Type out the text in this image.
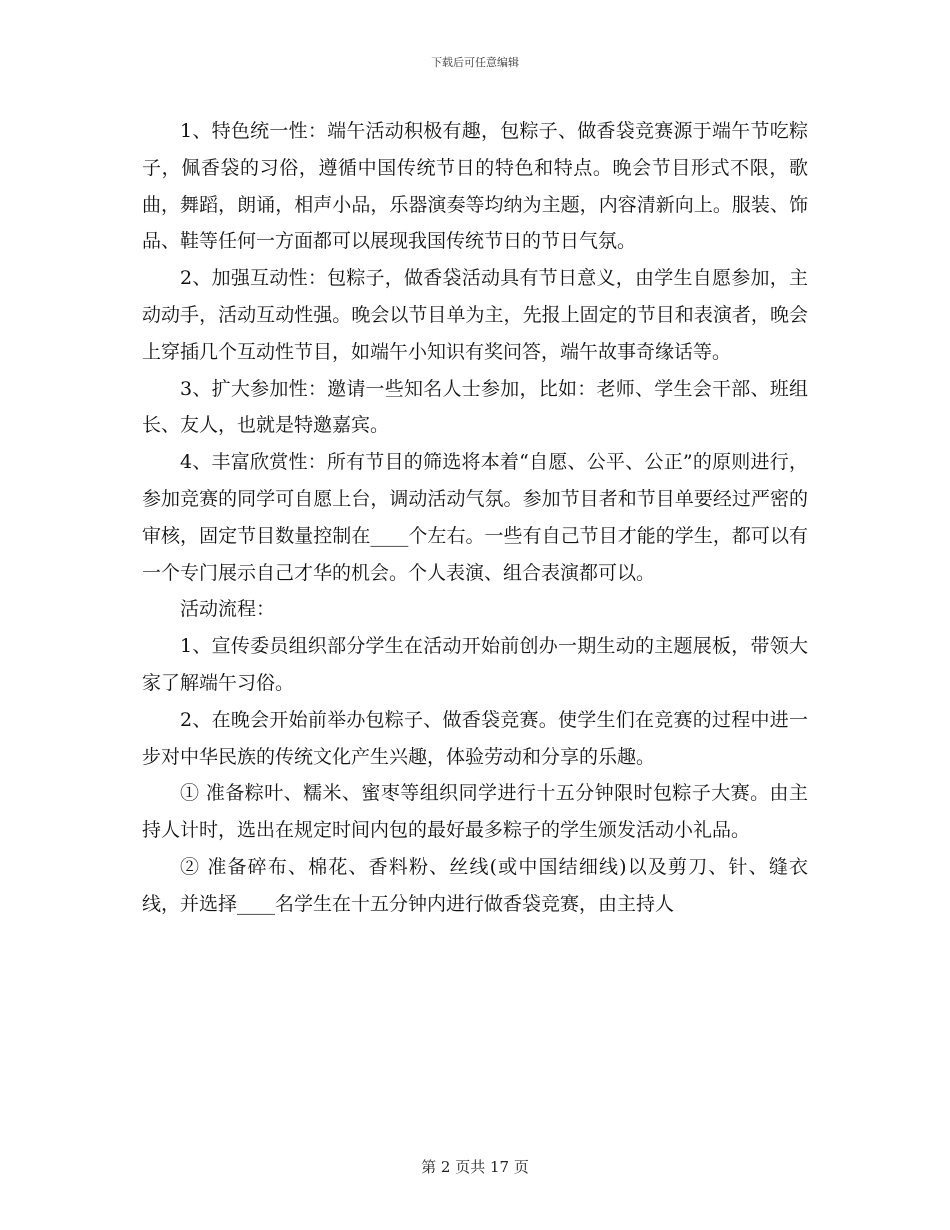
下载后可任意编辑

1、特色统一性：端午活动积极有趣，包粽子、做香袋竞赛源于端午节吃粽子，佩香袋的习俗，遵循中国传统节日的特色和特点。晚会节目形式不限，歌曲，舞蹈，朗诵，相声小品，乐器演奏等均纳为主题，内容清新向上。服装、饰品、鞋等任何一方面都可以展现我国传统节日的节日气氛。

2、加强互动性：包粽子，做香袋活动具有节日意义，由学生自愿参加，主动动手，活动互动性强。晚会以节目单为主，先报上固定的节目和表演者，晚会上穿插几个互动性节目，如端午小知识有奖问答，端午故事奇缘话等。

3、扩大参加性：邀请一些知名人士参加，比如：老师、学生会干部、班组长、友人，也就是特邀嘉宾。

4、丰富欣赏性：所有节目的筛选将本着“自愿、公平、公正”的原则进行，参加竞赛的同学可自愿上台，调动活动气氛。参加节目者和节目单要经过严密的审核，固定节目数量控制在____个左右。一些有自己节目才能的学生，都可以有一个专门展示自己才华的机会。个人表演、组合表演都可以。

活动流程：

1、宣传委员组织部分学生在活动开始前创办一期生动的主题展板，带领大家了解端午习俗。

2、在晚会开始前举办包粽子、做香袋竞赛。使学生们在竞赛的过程中进一步对中华民族的传统文化产生兴趣，体验劳动和分享的乐趣。

① 准备粽叶、糯米、蜜枣等组织同学进行十五分钟限时包粽子大赛。由主持人计时，选出在规定时间内包的最好最多粽子的学生颁发活动小礼品。

② 准备碎布、棉花、香料粉、丝线(或中国结细线)以及剪刀、针、缝衣线，并选择____名学生在十五分钟内进行做香袋竞赛，由主持人

第 2 页共 17 页
